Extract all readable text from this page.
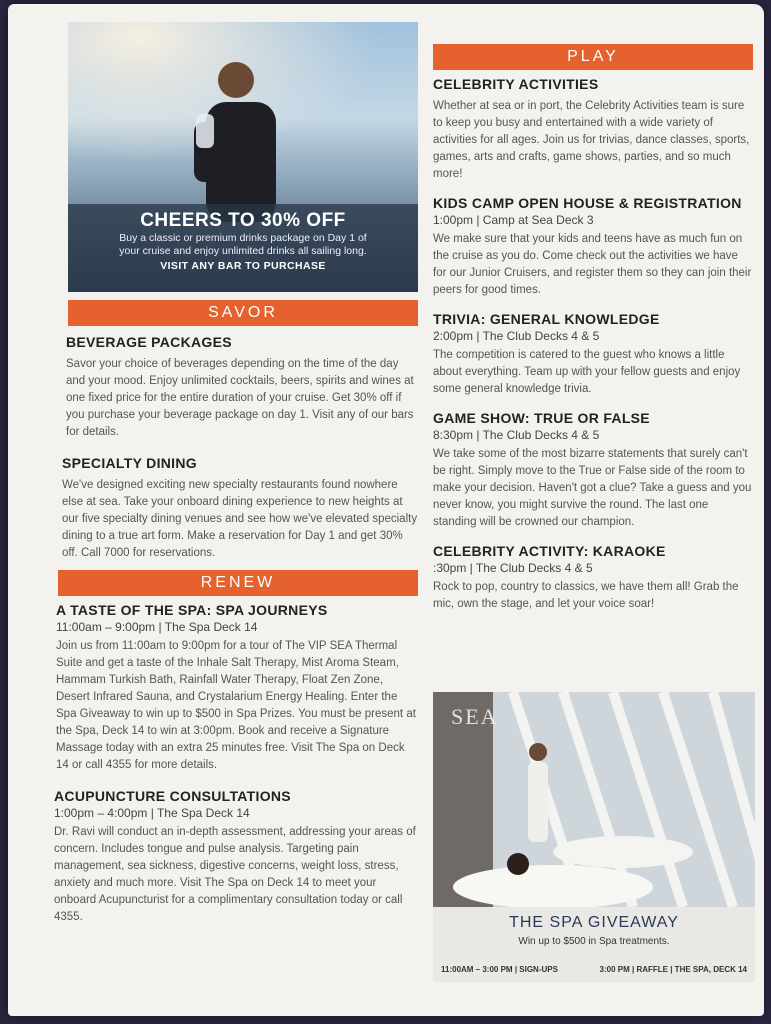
CHEERS TO 30% OFF
Buy a classic or premium drinks package on Day 1 of
your cruise and enjoy unlimited drinks all sailing long.
VISIT ANY BAR TO PURCHASE
SAVOR
BEVERAGE PACKAGES

Savor your choice of beverages depending on the time of the day and your mood. Enjoy unlimited cocktails, beers, spirits and wines at one fixed price for the entire duration of your cruise. Get 30% off if you purchase your beverage package on day 1. Visit any of our bars for details.

SPECIALTY DINING

We've designed exciting new specialty restaurants found nowhere else at sea. Take your onboard dining experience to new heights at our five specialty dining venues and see how we've elevated specialty dining to a true art form. Make a reservation for Day 1 and get 30% off. Call 7000 for reservations.

RENEW
A TASTE OF THE SPA: SPA JOURNEYS
11:00am – 9:00pm | The Spa Deck 14

Join us from 11:00am to 9:00pm for a tour of The VIP SEA Thermal Suite and get a taste of the Inhale Salt Therapy, Mist Aroma Steam, Hammam Turkish Bath, Rainfall Water Therapy, Float Zen Zone, Desert Infrared Sauna, and Crystalarium Energy Healing. Enter the Spa Giveaway to win up to $500 in Spa Prizes. You must be present at the Spa, Deck 14 to win at 3:00pm. Book and receive a Signature Massage today with an extra 25 minutes free. Visit The Spa on Deck 14 or call 4355 for more details.

ACUPUNCTURE CONSULTATIONS
1:00pm – 4:00pm | The Spa Deck 14

Dr. Ravi will conduct an in-depth assessment, addressing your areas of concern. Includes tongue and pulse analysis. Targeting pain management, sea sickness, digestive concerns, weight loss, stress, anxiety and much more. Visit The Spa on Deck 14 to meet your onboard Acupuncturist for a complimentary consultation today or call 4355.

PLAY
CELEBRITY ACTIVITIES

Whether at sea or in port, the Celebrity Activities team is sure to keep you busy and entertained with a wide variety of activities for all ages. Join us for trivias, dance classes, sports, games, arts and crafts, game shows, parties, and so much more!

KIDS CAMP OPEN HOUSE & REGISTRATION
1:00pm | Camp at Sea Deck 3

We make sure that your kids and teens have as much fun on the cruise as you do. Come check out the activities we have for our Junior Cruisers, and register them so they can join their peers for good times.

TRIVIA: GENERAL KNOWLEDGE
2:00pm | The Club Decks 4 & 5

The competition is catered to the guest who knows a little about everything. Team up with your fellow guests and enjoy some general knowledge trivia.

GAME SHOW: TRUE OR FALSE
8:30pm | The Club Decks 4 & 5

We take some of the most bizarre statements that surely can't be right. Simply move to the True or False side of the room to make your decision. Haven't got a clue? Take a guess and you never know, you might survive the round. The last one standing will be crowned our champion.

CELEBRITY ACTIVITY: KARAOKE
:30pm | The Club Decks 4 & 5

Rock to pop, country to classics, we have them all! Grab the mic, own the stage, and let your voice soar!

SEA
THE SPA GIVEAWAY
Win up to $500 in Spa treatments.
11:00AM – 3:00 PM | SIGN-UPS	3:00 PM | RAFFLE | THE SPA, DECK 14
